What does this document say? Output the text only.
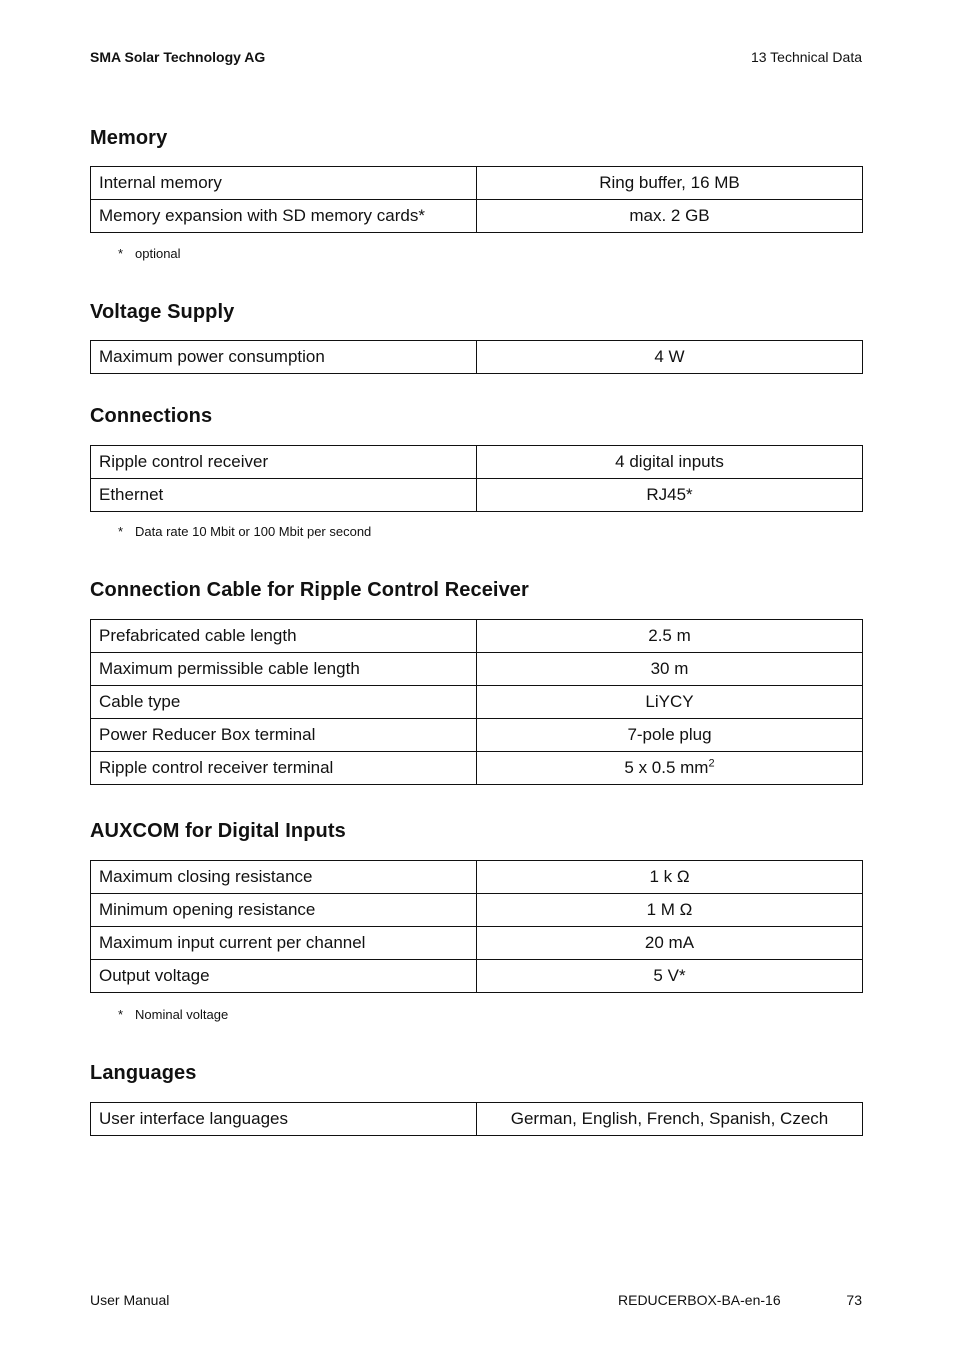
SMA Solar Technology AG	13 Technical Data
Memory
Internal memory	Ring buffer, 16 MB
Memory expansion with SD memory cards*	max. 2 GB
* optional
Voltage Supply
Maximum power consumption	4 W
Connections
Ripple control receiver	4 digital inputs
Ethernet	RJ45*
* Data rate 10 Mbit or 100 Mbit per second
Connection Cable for Ripple Control Receiver
Prefabricated cable length	2.5 m
Maximum permissible cable length	30 m
Cable type	LiYCY
Power Reducer Box terminal	7-pole plug
Ripple control receiver terminal	5 x 0.5 $mm^2$
AUXCOM for Digital Inputs
Maximum closing resistance	1 k Ω
Minimum opening resistance	1 M Ω
Maximum input current per channel	20 mA
Output voltage	5 V*
* Nominal voltage
Languages
User interface languages	German, English, French, Spanish, Czech
User Manual	REDUCERBOX-BA-en-16	73
